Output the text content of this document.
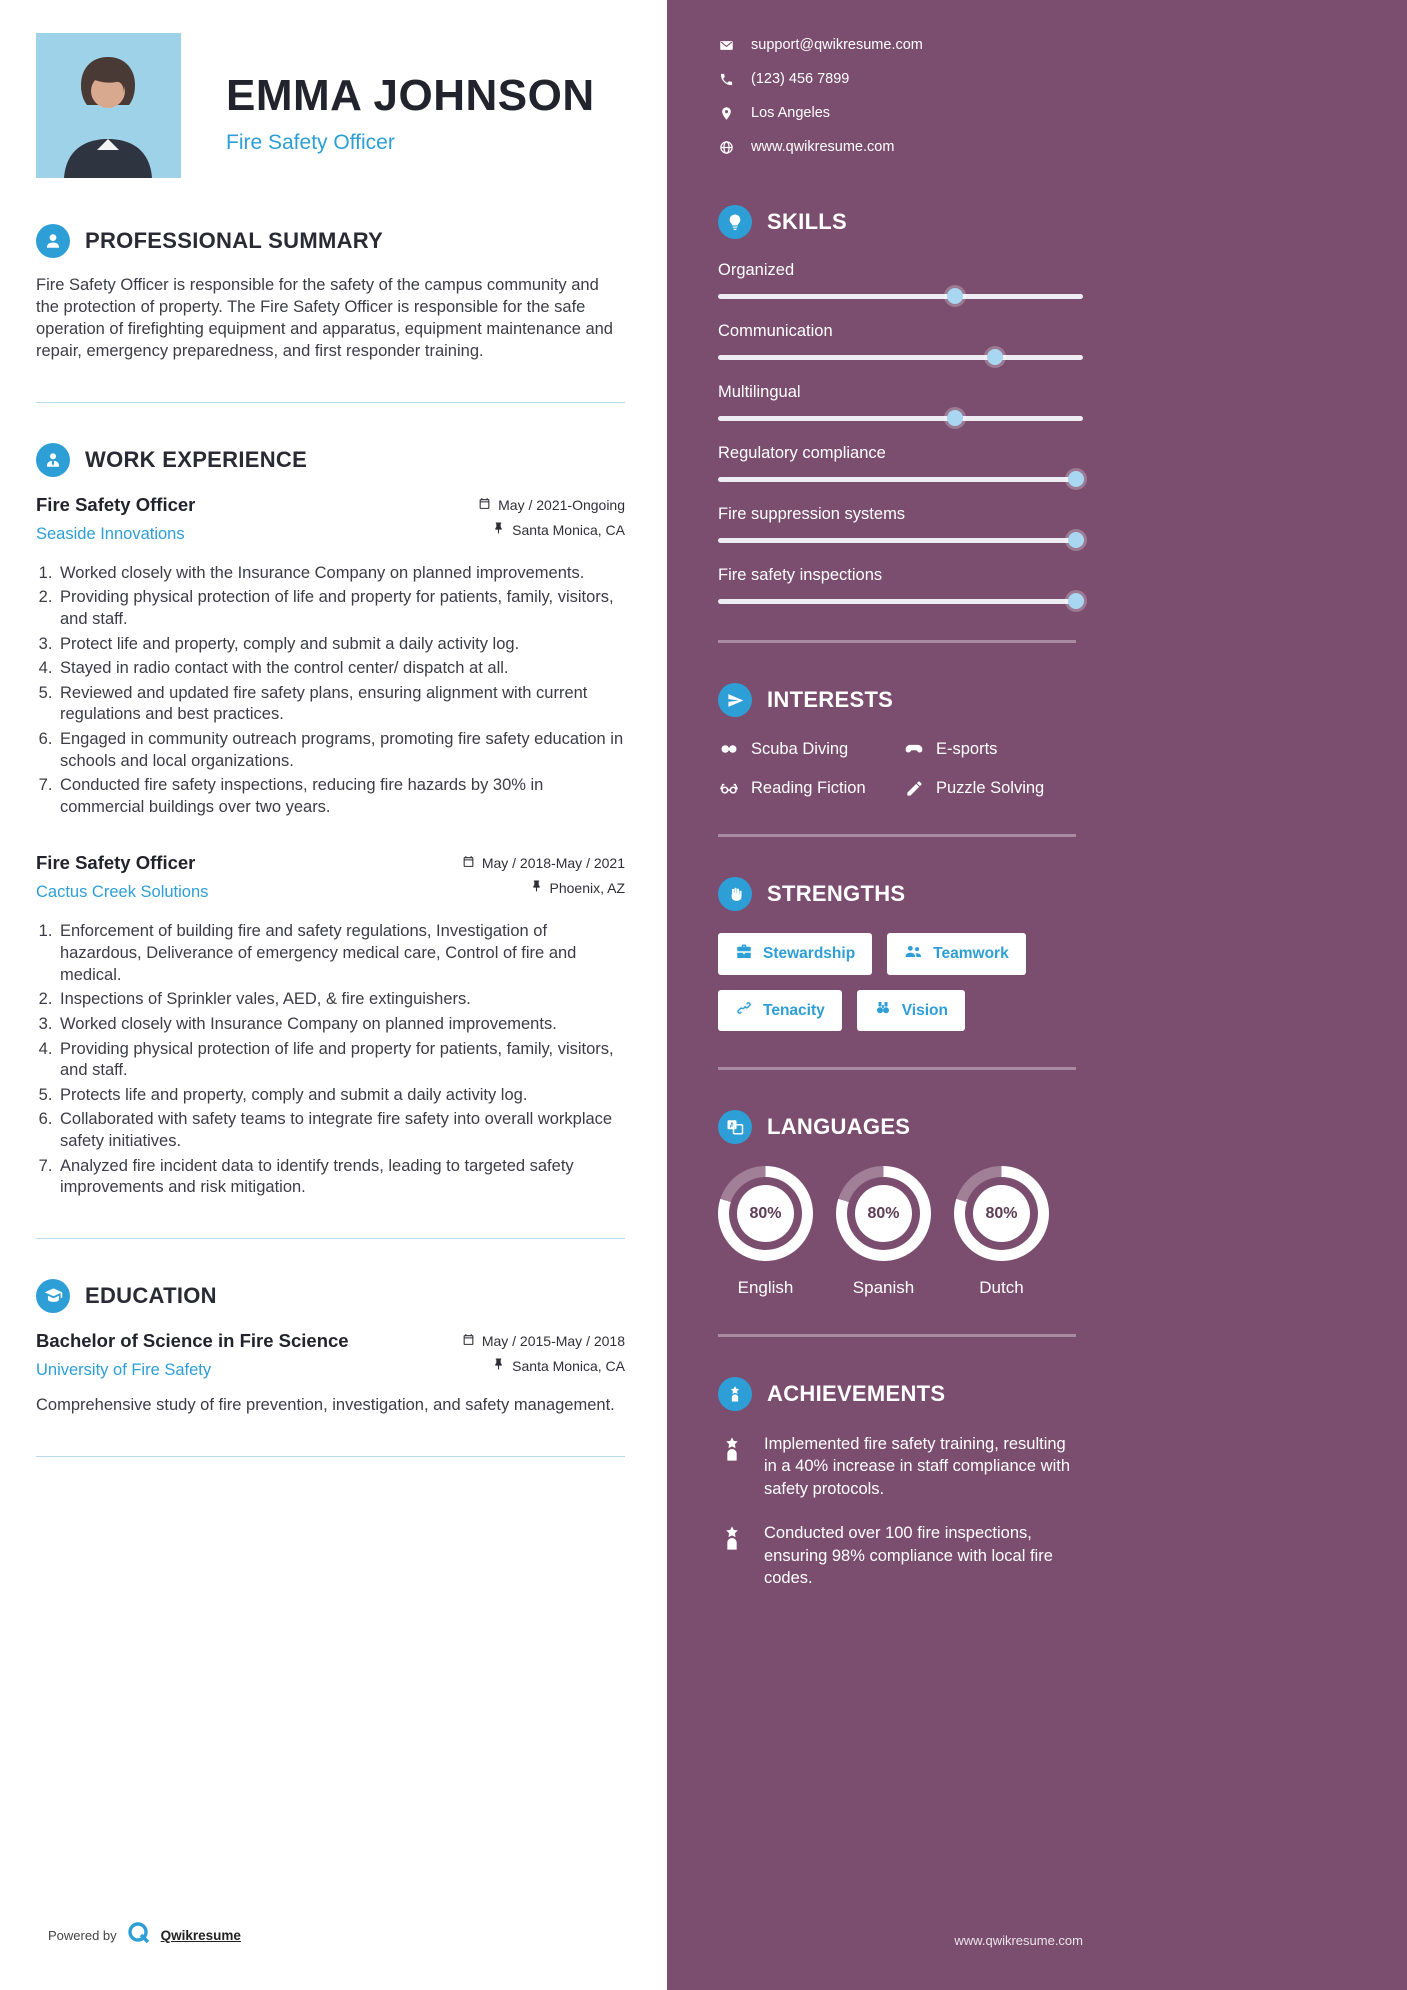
EMMA JOHNSON
Fire Safety Officer
PROFESSIONAL SUMMARY

Fire Safety Officer is responsible for the safety of the campus community and the protection of property. The Fire Safety Officer is responsible for the safe operation of firefighting equipment and apparatus, equipment maintenance and repair, emergency preparedness, and first responder training.

WORK EXPERIENCE
Fire Safety Officer
Seaside Innovations
May / 2021-Ongoing
Santa Monica, CA
1. Worked closely with the Insurance Company on planned improvements.
2. Providing physical protection of life and property for patients, family, visitors, and staff.
3. Protect life and property, comply and submit a daily activity log.
4. Stayed in radio contact with the control center/ dispatch at all.
5. Reviewed and updated fire safety plans, ensuring alignment with current regulations and best practices.
6. Engaged in community outreach programs, promoting fire safety education in schools and local organizations.
7. Conducted fire safety inspections, reducing fire hazards by 30% in commercial buildings over two years.
Fire Safety Officer
Cactus Creek Solutions
May / 2018-May / 2021
Phoenix, AZ
1. Enforcement of building fire and safety regulations, Investigation of hazardous, Deliverance of emergency medical care, Control of fire and medical.
2. Inspections of Sprinkler vales, AED, & fire extinguishers.
3. Worked closely with Insurance Company on planned improvements.
4. Providing physical protection of life and property for patients, family, visitors, and staff.
5. Protects life and property, comply and submit a daily activity log.
6. Collaborated with safety teams to integrate fire safety into overall workplace safety initiatives.
7. Analyzed fire incident data to identify trends, leading to targeted safety improvements and risk mitigation.
EDUCATION
Bachelor of Science in Fire Science
University of Fire Safety
May / 2015-May / 2018
Santa Monica, CA

Comprehensive study of fire prevention, investigation, and safety management.

Powered by	Qwikresume
support@qwikresume.com
(123) 456 7899
Los Angeles
www.qwikresume.com
SKILLS
Organized
Communication
Multilingual
Regulatory compliance
Fire suppression systems
Fire safety inspections
INTERESTS
Scuba Diving	E-sports
Reading Fiction	Puzzle Solving
STRENGTHS
Stewardship	Teamwork
Tenacity	Vision
A LANGUAGES
80%
English
80%
Spanish
80%
Dutch
ACHIEVEMENTS
Implemented fire safety training, resulting in a 40% increase in staff compliance with safety protocols.
Conducted over 100 fire inspections, ensuring 98% compliance with local fire codes.
www.qwikresume.com
